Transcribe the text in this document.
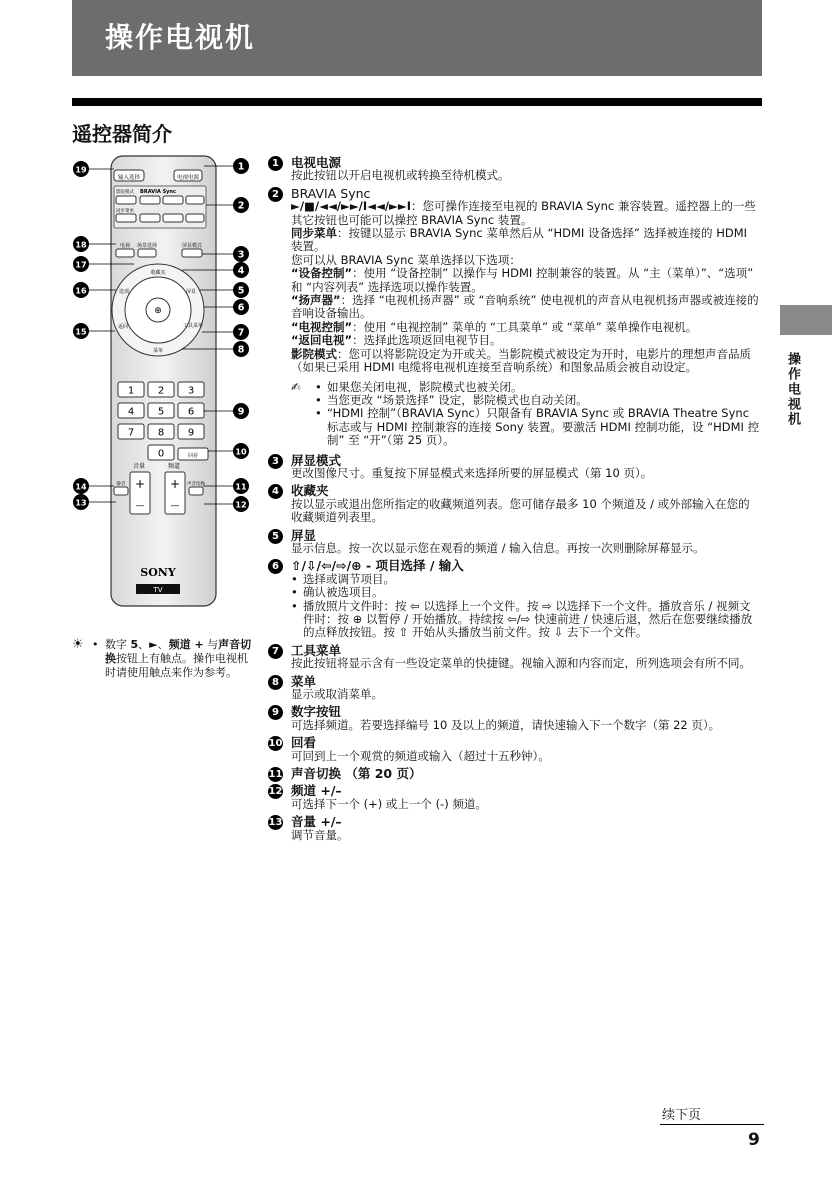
操作电视机
遥控器简介
操作电视机
输入选择	电视电源
BRAVIA Sync
影院模式
同步菜单
电视 场景选择	屏显模式
⊕
收藏夹
屏显
工具菜单
菜单
选项
返回
1 2 3
4 5 6
7 8 9
0	回看
音量	频道
+
—
+
—
静音	声音切换
SONY
TV
1
2
3
4
5
6
7
8
9
10
11
12
19
18
17
16
15
14
13
☀ • 数字 5、►、频道 + 与声音切换按钮上有触点。操作电视机时请使用触点来作为参考。
1 电视电源
按此按钮以开启电视机或转换至待机模式。
2 BRAVIA Sync
►/■/◄◄/►►/I◄◄/►►I：您可操作连接至电视的 BRAVIA Sync 兼容装置。遥控器上的一些其它按钮也可能可以操控 BRAVIA Sync 装置。
同步菜单：按键以显示 BRAVIA Sync 菜单然后从 “HDMI 设备选择” 选择被连接的 HDMI 装置。
您可以从 BRAVIA Sync 菜单选择以下选项：
“设备控制”：使用 “设备控制” 以操作与 HDMI 控制兼容的装置。从 “主（菜单）”、“选项” 和 “内容列表” 选择选项以操作装置。
“扬声器”：选择 “电视机扬声器” 或 “音响系统” 使电视机的声音从电视机扬声器或被连接的音响设备输出。
“电视控制”：使用 “电视控制” 菜单的 “工具菜单” 或 “菜单” 菜单操作电视机。
“返回电视”：选择此选项返回电视节目。
影院模式：您可以将影院设定为开或关。当影院模式被设定为开时，电影片的理想声音品质（如果已采用 HDMI 电缆将电视机连接至音响系统）和图象品质会被自动设定。
✍
•	如果您关闭电视，影院模式也被关闭。
• 当您更改 “场景选择” 设定，影院模式也自动关闭。
• “HDMI 控制”（BRAVIA Sync）只限备有 BRAVIA Sync 或 BRAVIA Theatre Sync 标志或与 HDMI 控制兼容的连接 Sony 装置。要激活 HDMI 控制功能，设 “HDMI 控制” 至 “开”（第 25 页）。
3 屏显模式
更改图像尺寸。重复按下屏显模式来选择所要的屏显模式（第 10 页）。
4 收藏夹
按以显示或退出您所指定的收藏频道列表。您可储存最多 10 个频道及 / 或外部输入在您的收藏频道列表里。
5 屏显
显示信息。按一次以显示您在观看的频道 / 输入信息。再按一次则删除屏幕显示。
6 ⇧/⇩/⇦/⇨/⊕ - 项目选择 / 输入
• 选择或调节项目。
• 确认被选项目。
• 播放照片文件时：按 ⇦ 以选择上一个文件。按 ⇨ 以选择下一个文件。播放音乐 / 视频文件时：按 ⊕ 以暂停 / 开始播放。持续按 ⇦/⇨ 快速前进 / 快速后退，然后在您要继续播放的点释放按钮。按 ⇧ 开始从头播放当前文件。按 ⇩ 去下一个文件。
7 工具菜单
按此按钮将显示含有一些设定菜单的快捷键。视输入源和内容而定，所列选项会有所不同。
8 菜单
显示或取消菜单。
9 数字按钮
可选择频道。若要选择编号 10 及以上的频道，请快速输入下一个数字（第 22 页）。
10 回看
可回到上一个观赏的频道或输入（超过十五秒钟）。
11 声音切换 （第 20 页）
12 频道 +/–
可选择下一个 (+) 或上一个 (-) 频道。
13 音量 +/–
调节音量。
续下页
9
